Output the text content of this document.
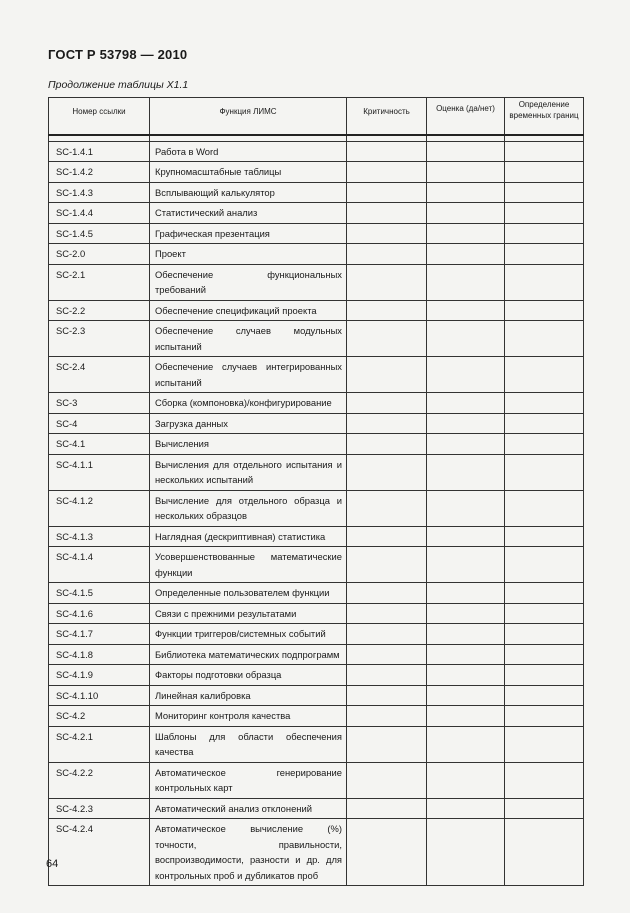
ГОСТ Р 53798 — 2010
Продолжение таблицы Х1.1
Номер ссылки	Функция ЛИМС	Критичность	Оценка (да/нет)	Определение временных границ

SC-1.4.1	Работа в Word			
SC-1.4.2	Крупномасштабные таблицы			
SC-1.4.3	Всплывающий калькулятор			
SC-1.4.4	Статистический анализ			
SC-1.4.5	Графическая презентация			
SC-2.0	Проект			
SC-2.1	Обеспечение функциональных требований			
SC-2.2	Обеспечение спецификаций проекта			
SC-2.3	Обеспечение случаев модульных испытаний			
SC-2.4	Обеспечение случаев интегрированных испытаний			
SC-3	Сборка (компоновка)/конфигурирование			
SC-4	Загрузка данных			
SC-4.1	Вычисления			
SC-4.1.1	Вычисления для отдельного испытания и нескольких испытаний			
SC-4.1.2	Вычисление для отдельного образца и нескольких образцов			
SC-4.1.3	Наглядная (дескриптивная) статистика			
SC-4.1.4	Усовершенствованные математические функции			
SC-4.1.5	Определенные пользователем функции			
SC-4.1.6	Связи с прежними результатами			
SC-4.1.7	Функции триггеров/системных событий			
SC-4.1.8	Библиотека математических подпрограмм			
SC-4.1.9	Факторы подготовки образца			
SC-4.1.10	Линейная калибровка			
SC-4.2	Мониторинг контроля качества			
SC-4.2.1	Шаблоны для области обеспечения качества			
SC-4.2.2	Автоматическое генерирование контрольных карт			
SC-4.2.3	Автоматический анализ отклонений			
SC-4.2.4	Автоматическое вычисление (%) точности, правильности, воспроизводимости, разности и др. для контрольных проб и дубликатов проб			
64
